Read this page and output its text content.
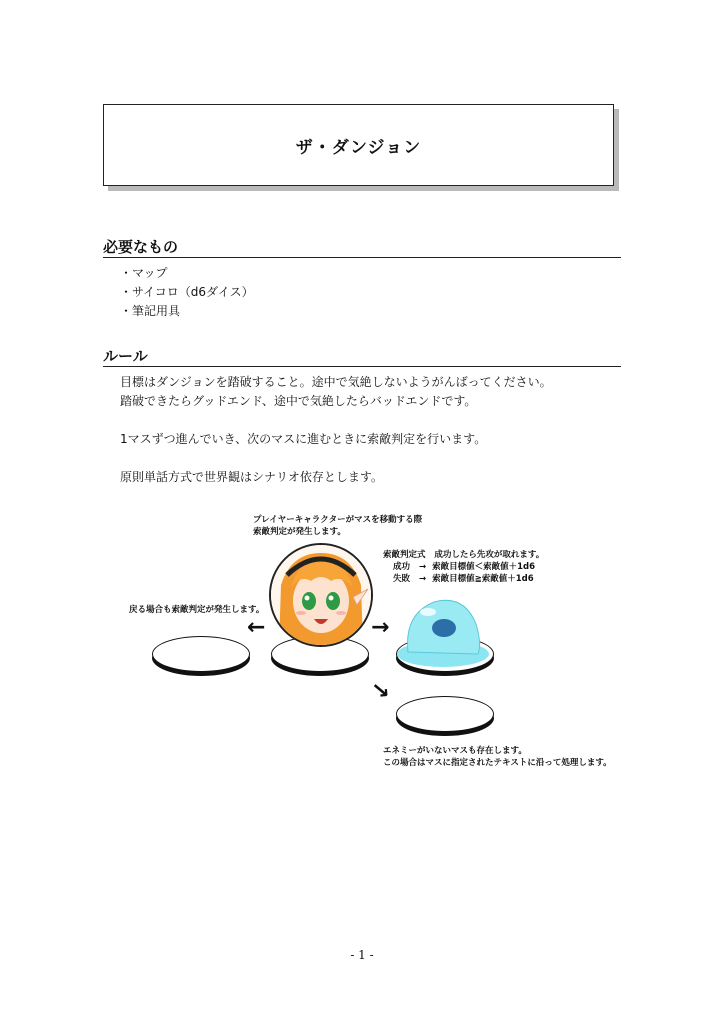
ザ・ダンジョン
必要なもの
・ マップ
・ サイコロ（d6ダイス）
・ 筆記用具
ルール
目標はダンジョンを踏破すること。途中で気絶しないようがんばってください。
踏破できたらグッドエンド、途中で気絶したらバッドエンドです。
1マスずつ進んでいき、次のマスに進むときに索敵判定を行います。
原則単話方式で世界観はシナリオ依存とします。
プレイヤーキャラクターがマスを移動する際
索敵判定が発生します。
索敵判定式 成功したら先攻が取れます。
成功	→	索敵目標値＜索敵値＋1d6
失敗	→	索敵目標値≧索敵値＋1d6
戻る場合も索敵判定が発生します。
←	→
→
エネミーがいないマスも存在します。
この場合はマスに指定されたテキストに沿って処理します。
- 1 -
